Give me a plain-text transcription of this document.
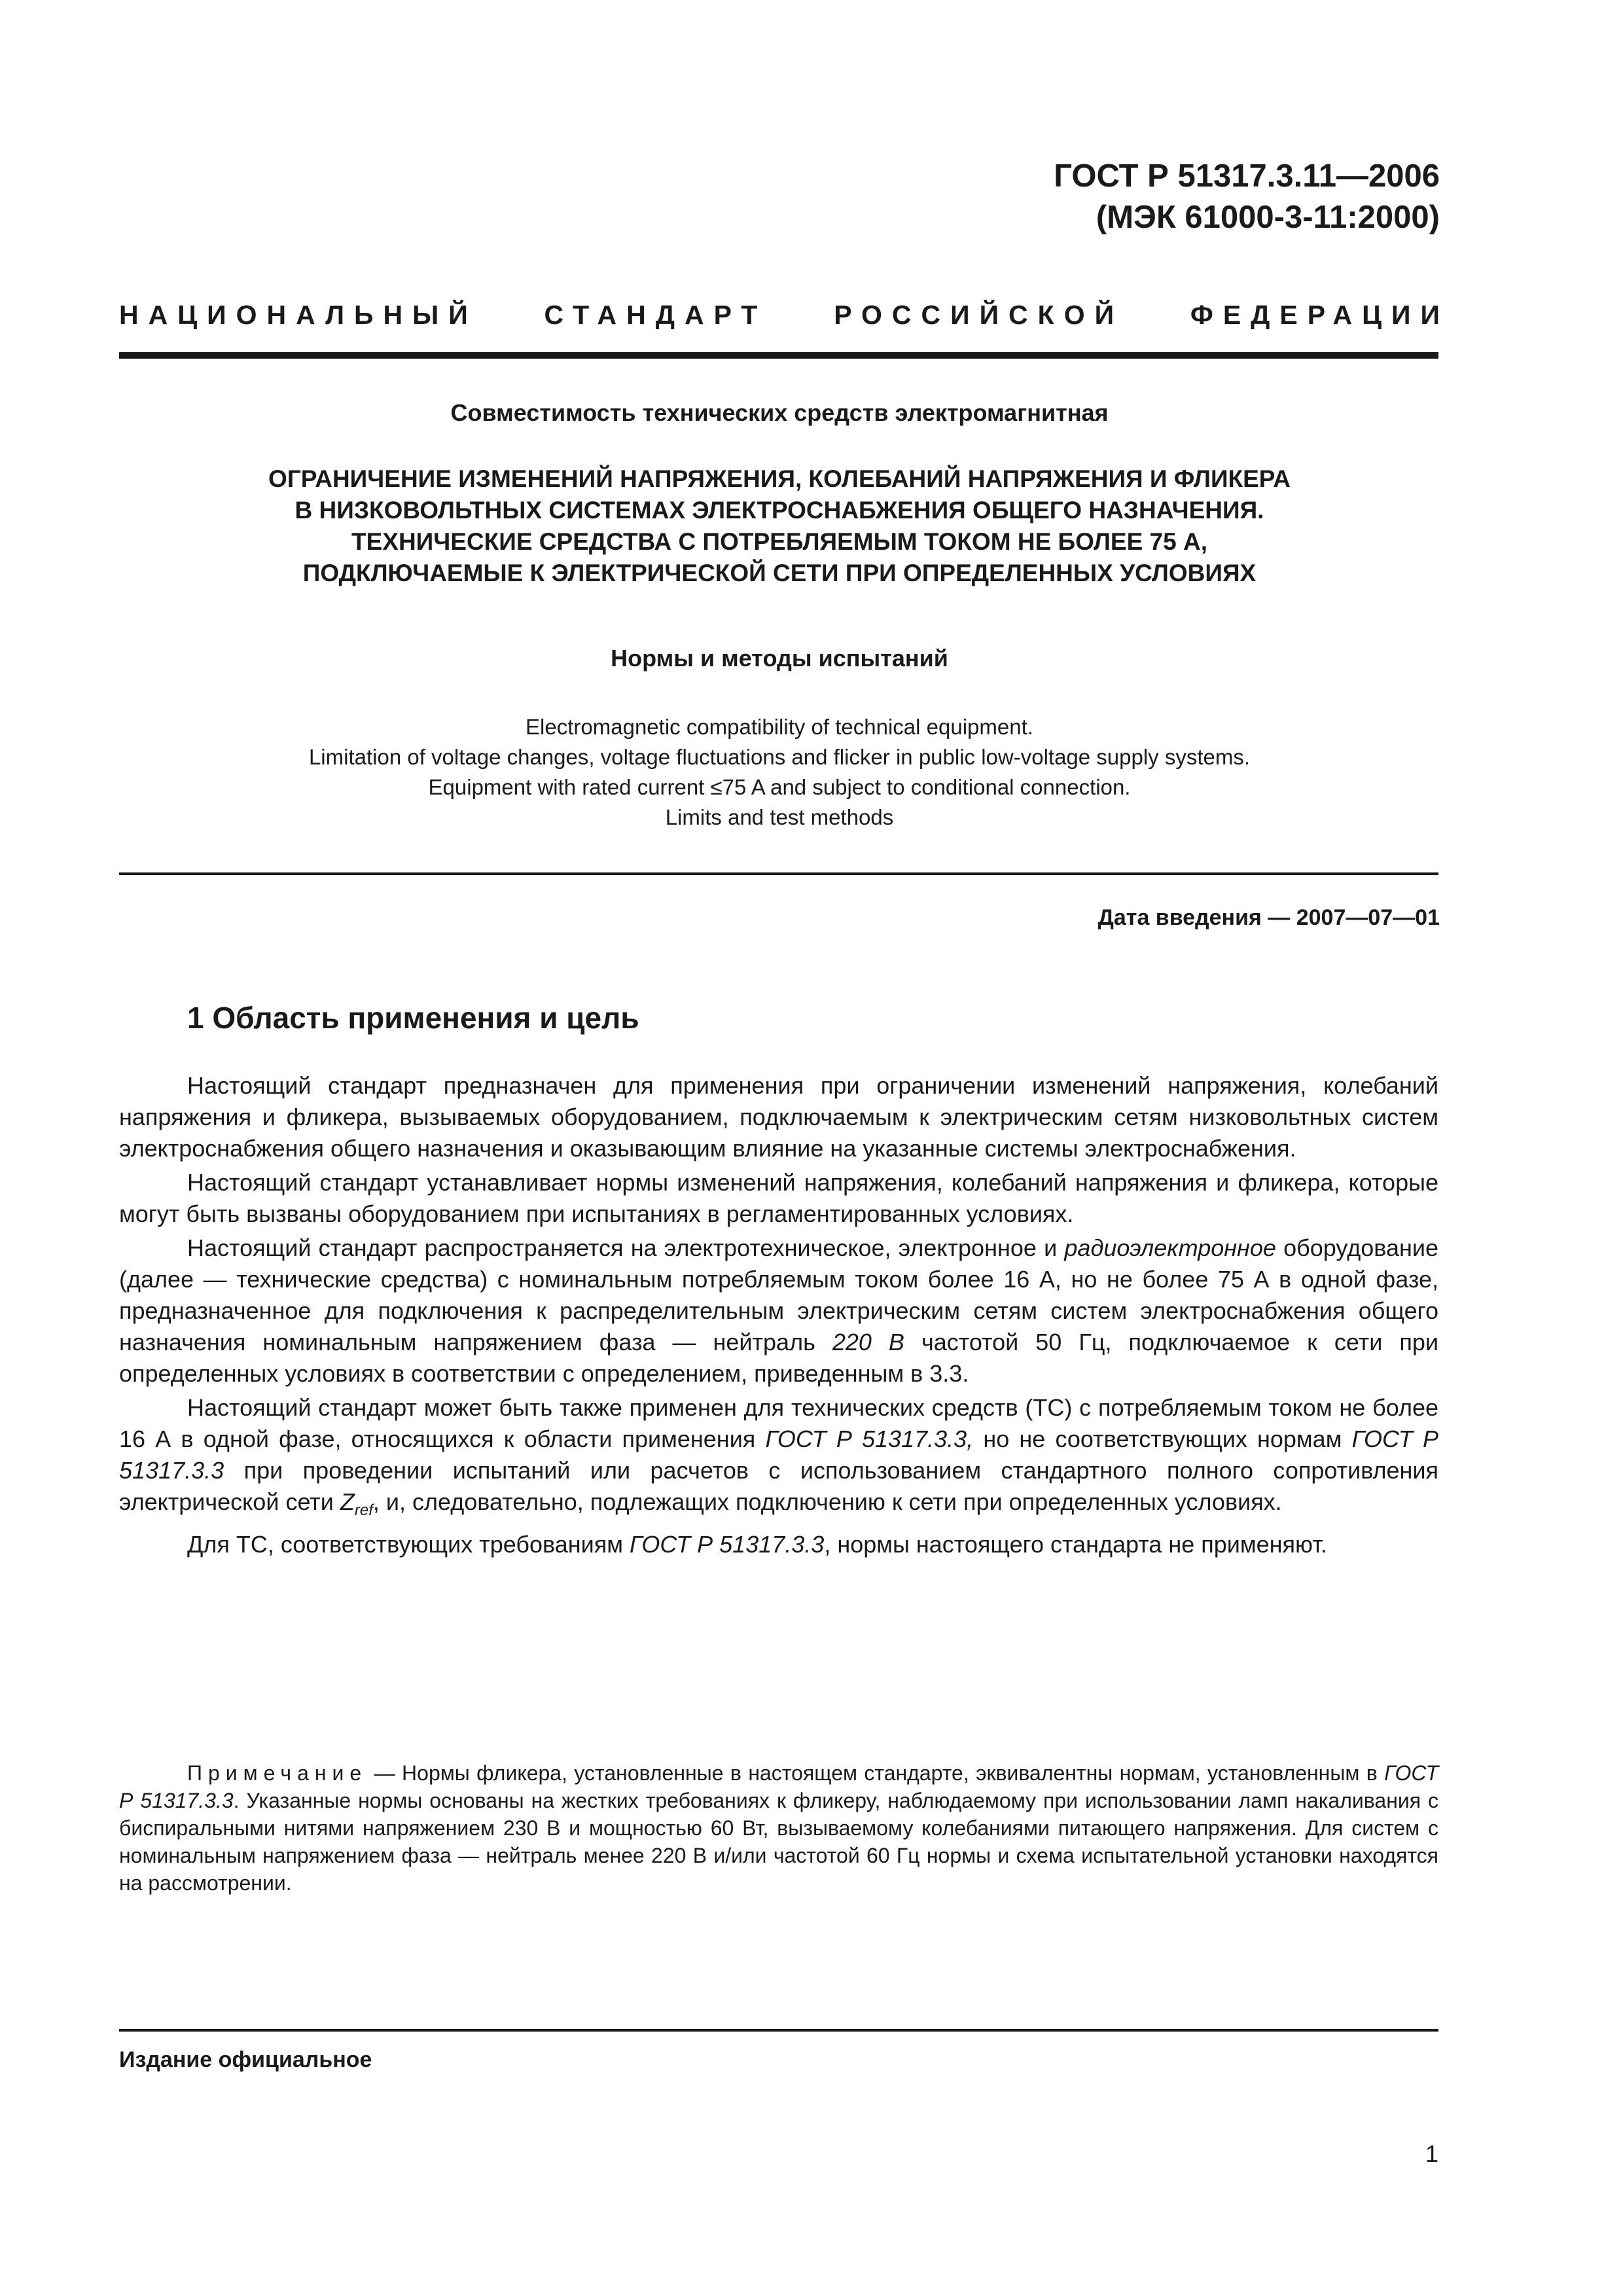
ГОСТ Р 51317.3.11—2006
(МЭК 61000-3-11:2000)
НАЦИОНАЛЬНЫЙ СТАНДАРТ РОССИЙСКОЙ ФЕДЕРАЦИИ
Совместимость технических средств электромагнитная
ОГРАНИЧЕНИЕ ИЗМЕНЕНИЙ НАПРЯЖЕНИЯ, КОЛЕБАНИЙ НАПРЯЖЕНИЯ И ФЛИКЕРА
В НИЗКОВОЛЬТНЫХ СИСТЕМАХ ЭЛЕКТРОСНАБЖЕНИЯ ОБЩЕГО НАЗНАЧЕНИЯ.
ТЕХНИЧЕСКИЕ СРЕДСТВА С ПОТРЕБЛЯЕМЫМ ТОКОМ НЕ БОЛЕЕ 75 А,
ПОДКЛЮЧАЕМЫЕ К ЭЛЕКТРИЧЕСКОЙ СЕТИ ПРИ ОПРЕДЕЛЕННЫХ УСЛОВИЯХ
Нормы и методы испытаний
Electromagnetic compatibility of technical equipment.
Limitation of voltage changes, voltage fluctuations and flicker in public low-voltage supply systems.
Equipment with rated current ≤75 A and subject to conditional connection.
Limits and test methods
Дата введения — 2007—07—01
1 Область применения и цель

Настоящий стандарт предназначен для применения при ограничении изменений напряжения, колебаний напряжения и фликера, вызываемых оборудованием, подключаемым к электрическим сетям низковольтных систем электроснабжения общего назначения и оказывающим влияние на указанные системы электроснабжения.

Настоящий стандарт устанавливает нормы изменений напряжения, колебаний напряжения и фликера, которые могут быть вызваны оборудованием при испытаниях в регламентированных условиях.

Настоящий стандарт распространяется на электротехническое, электронное и радиоэлектронное оборудование (далее — технические средства) с номинальным потребляемым током более 16 А, но не более 75 А в одной фазе, предназначенное для подключения к распределительным электрическим сетям систем электроснабжения общего назначения номинальным напряжением фаза — нейтраль 220 В частотой 50 Гц, подключаемое к сети при определенных условиях в соответствии с определением, приведенным в 3.3.

Настоящий стандарт может быть также применен для технических средств (ТС) с потребляемым током не более 16 А в одной фазе, относящихся к области применения ГОСТ Р 51317.3.3, но не соответствующих нормам ГОСТ Р 51317.3.3 при проведении испытаний или расчетов с использованием стандартного полного сопротивления электрической сети $Z_{ref}$, и, следовательно, подлежащих подключению к сети при определенных условиях.

Для ТС, соответствующих требованиям ГОСТ Р 51317.3.3, нормы настоящего стандарта не применяют.

Примечание — Нормы фликера, установленные в настоящем стандарте, эквивалентны нормам, установленным в ГОСТ Р 51317.3.3. Указанные нормы основаны на жестких требованиях к фликеру, наблюдаемому при использовании ламп накаливания с биспиральными нитями напряжением 230 В и мощностью 60 Вт, вызываемому колебаниями питающего напряжения. Для систем с номинальным напряжением фаза — нейтраль менее 220 В и/или частотой 60 Гц нормы и схема испытательной установки находятся на рассмотрении.

Издание официальное
1
